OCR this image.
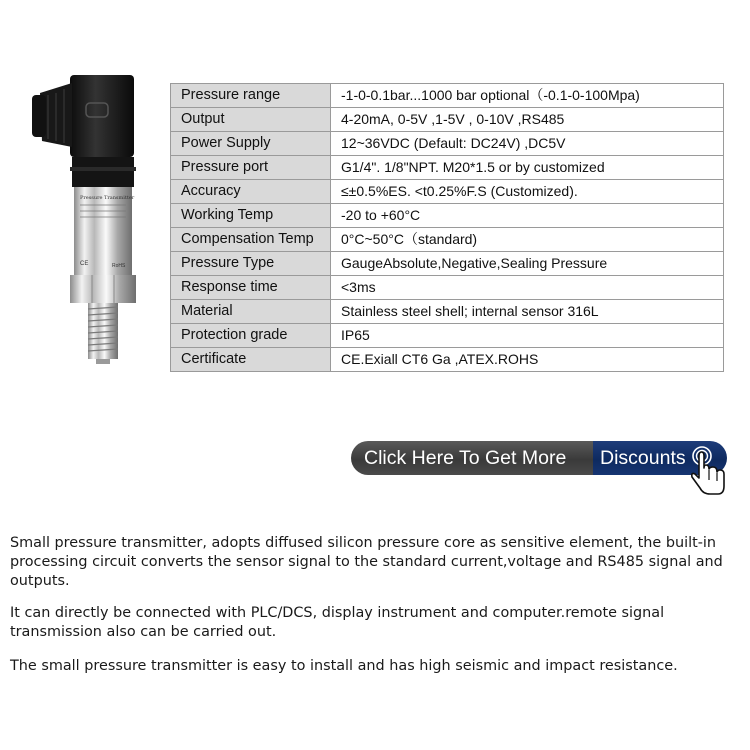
Pressure Transmitter
CE	RoHS
Pressure range	-1-0-0.1bar...1000 bar optional（-0.1-0-100Mpa)
Output	4-20mA, 0-5V ,1-5V , 0-10V ,RS485
Power Supply	12~36VDC (Default: DC24V) ,DC5V
Pressure port	G1/4". 1/8"NPT. M20*1.5 or by customized
Accuracy	≤±0.5%ES. <t0.25%F.S (Customized).
Working Temp	-20 to +60°C
Compensation Temp	0°C~50°C（standard)
Pressure Type	GaugeAbsolute,Negative,Sealing Pressure
Response time	<3ms
Material	Stainless steel shell; internal sensor 316L
Protection grade	IP65
Certificate	CE.Exiall CT6 Ga ,ATEX.ROHS
Click Here To Get More	Discounts

Small pressure transmitter, adopts diffused silicon pressure core as sensitive element, the built-in processing circuit converts the sensor signal to the standard current,voltage and RS485 signal and outputs.

It can directly be connected with PLC/DCS, display instrument and computer.remote signal transmission also can be carried out.

The small pressure transmitter is easy to install and has high seismic and impact resistance.
